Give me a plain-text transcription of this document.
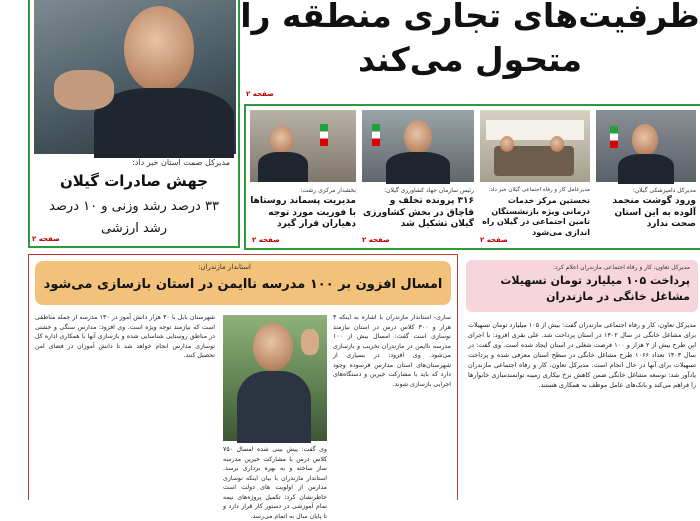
ظرفیت‌های تجاری منطقه را
متحول می‌کند
صفحه ۲
مدیرکل صمت استان خبر داد:
جهش صادرات گیلان
۳۳ درصد رشد وزنی و ۱۰ درصد رشد ارزشی
صفحه ۲
مدیرکل دامپزشکی گیلان:
ورود گوشت منجمد آلوده به این استان صحت ندارد
مدیرعامل کار و رفاه اجتماعی گیلان خبر داد:
نخستین مرکز خدمات درمانی ویژه بازنشستگان تامین اجتماعی در گیلان راه اندازی می‌شود
صفحه ۲
رئیس سازمان جهاد کشاورزی گیلان:
۳۱۶ پرونده تخلف و قاچاق در بخش کشاورزی گیلان تشکیل شد
صفحه ۲
بخشدار مرکزی رشت:
مدیریت پسماند روستاها با فوریت مورد توجه دهیاران قرار گیرد
صفحه ۲
استاندار مازندران:
امسال افزون بر ۱۰۰ مدرسه ناایمن در استان بازسازی می‌شود

ساری- استاندار مازندران با اشاره به اینکه ۳ هزار و ۳۰۰ کلاس درس در استان نیازمند نوسازی است گفت: امسال بیش از ۱۰۰ مدرسه ناایمن در مازندران تخریب و بازسازی می‌شود. وی افزود: در بسیاری از شهرستان‌های استان مدارس فرسوده وجود دارد که باید با مشارکت خیرین و دستگاه‌های اجرایی بازسازی شوند.

وی گفت: پیش بینی شده امسال ۷۵۰ کلاس درس با مشارکت خیرین مدرسه ساز ساخته و به بهره برداری برسد. استاندار مازندران با بیان اینکه نوسازی مدارس از اولویت های دولت است خاطرنشان کرد: تکمیل پروژه‌های نیمه تمام آموزشی در دستور کار قرار دارد و تا پایان سال به اتمام می‌رسد.

شهرستان بابل با ۳۰ هزار دانش آموز در ۱۳۰ مدرسه از جمله مناطقی است که نیازمند توجه ویژه است. وی افزود: مدارس سنگی و خشتی در مناطق روستایی شناسایی شده و بازسازی آنها با همکاری اداره کل نوسازی مدارس انجام خواهد شد تا دانش آموزان در فضای امن تحصیل کنند.

مدیرکل تعاون، کار و رفاه اجتماعی مازندران اعلام کرد:
پرداخت ۱۰۵ میلیارد تومان تسهیلات مشاغل خانگی در مازندران

مدیرکل تعاون، کار و رفاه اجتماعی مازندران گفت: بیش از ۱۰۵ میلیارد تومان تسهیلات برای مشاغل خانگی در سال ۱۴۰۲ در استان پرداخت شد. علی بقری افزود: با اجرای این طرح بیش از ۲ هزار و ۱۰۰ فرصت شغلی در استان ایجاد شده است. وی گفت: در سال ۱۴۰۳ تعداد ۱۰۶۶ طرح مشاغل خانگی در سطح استان معرفی شده و پرداخت تسهیلات برای آنها در حال انجام است. مدیرکل تعاون، کار و رفاه اجتماعی مازندران یادآور شد: توسعه مشاغل خانگی ضمن کاهش نرخ بیکاری زمینه توانمندسازی خانوارها را فراهم می‌کند و بانک‌های عامل موظف به همکاری هستند.
